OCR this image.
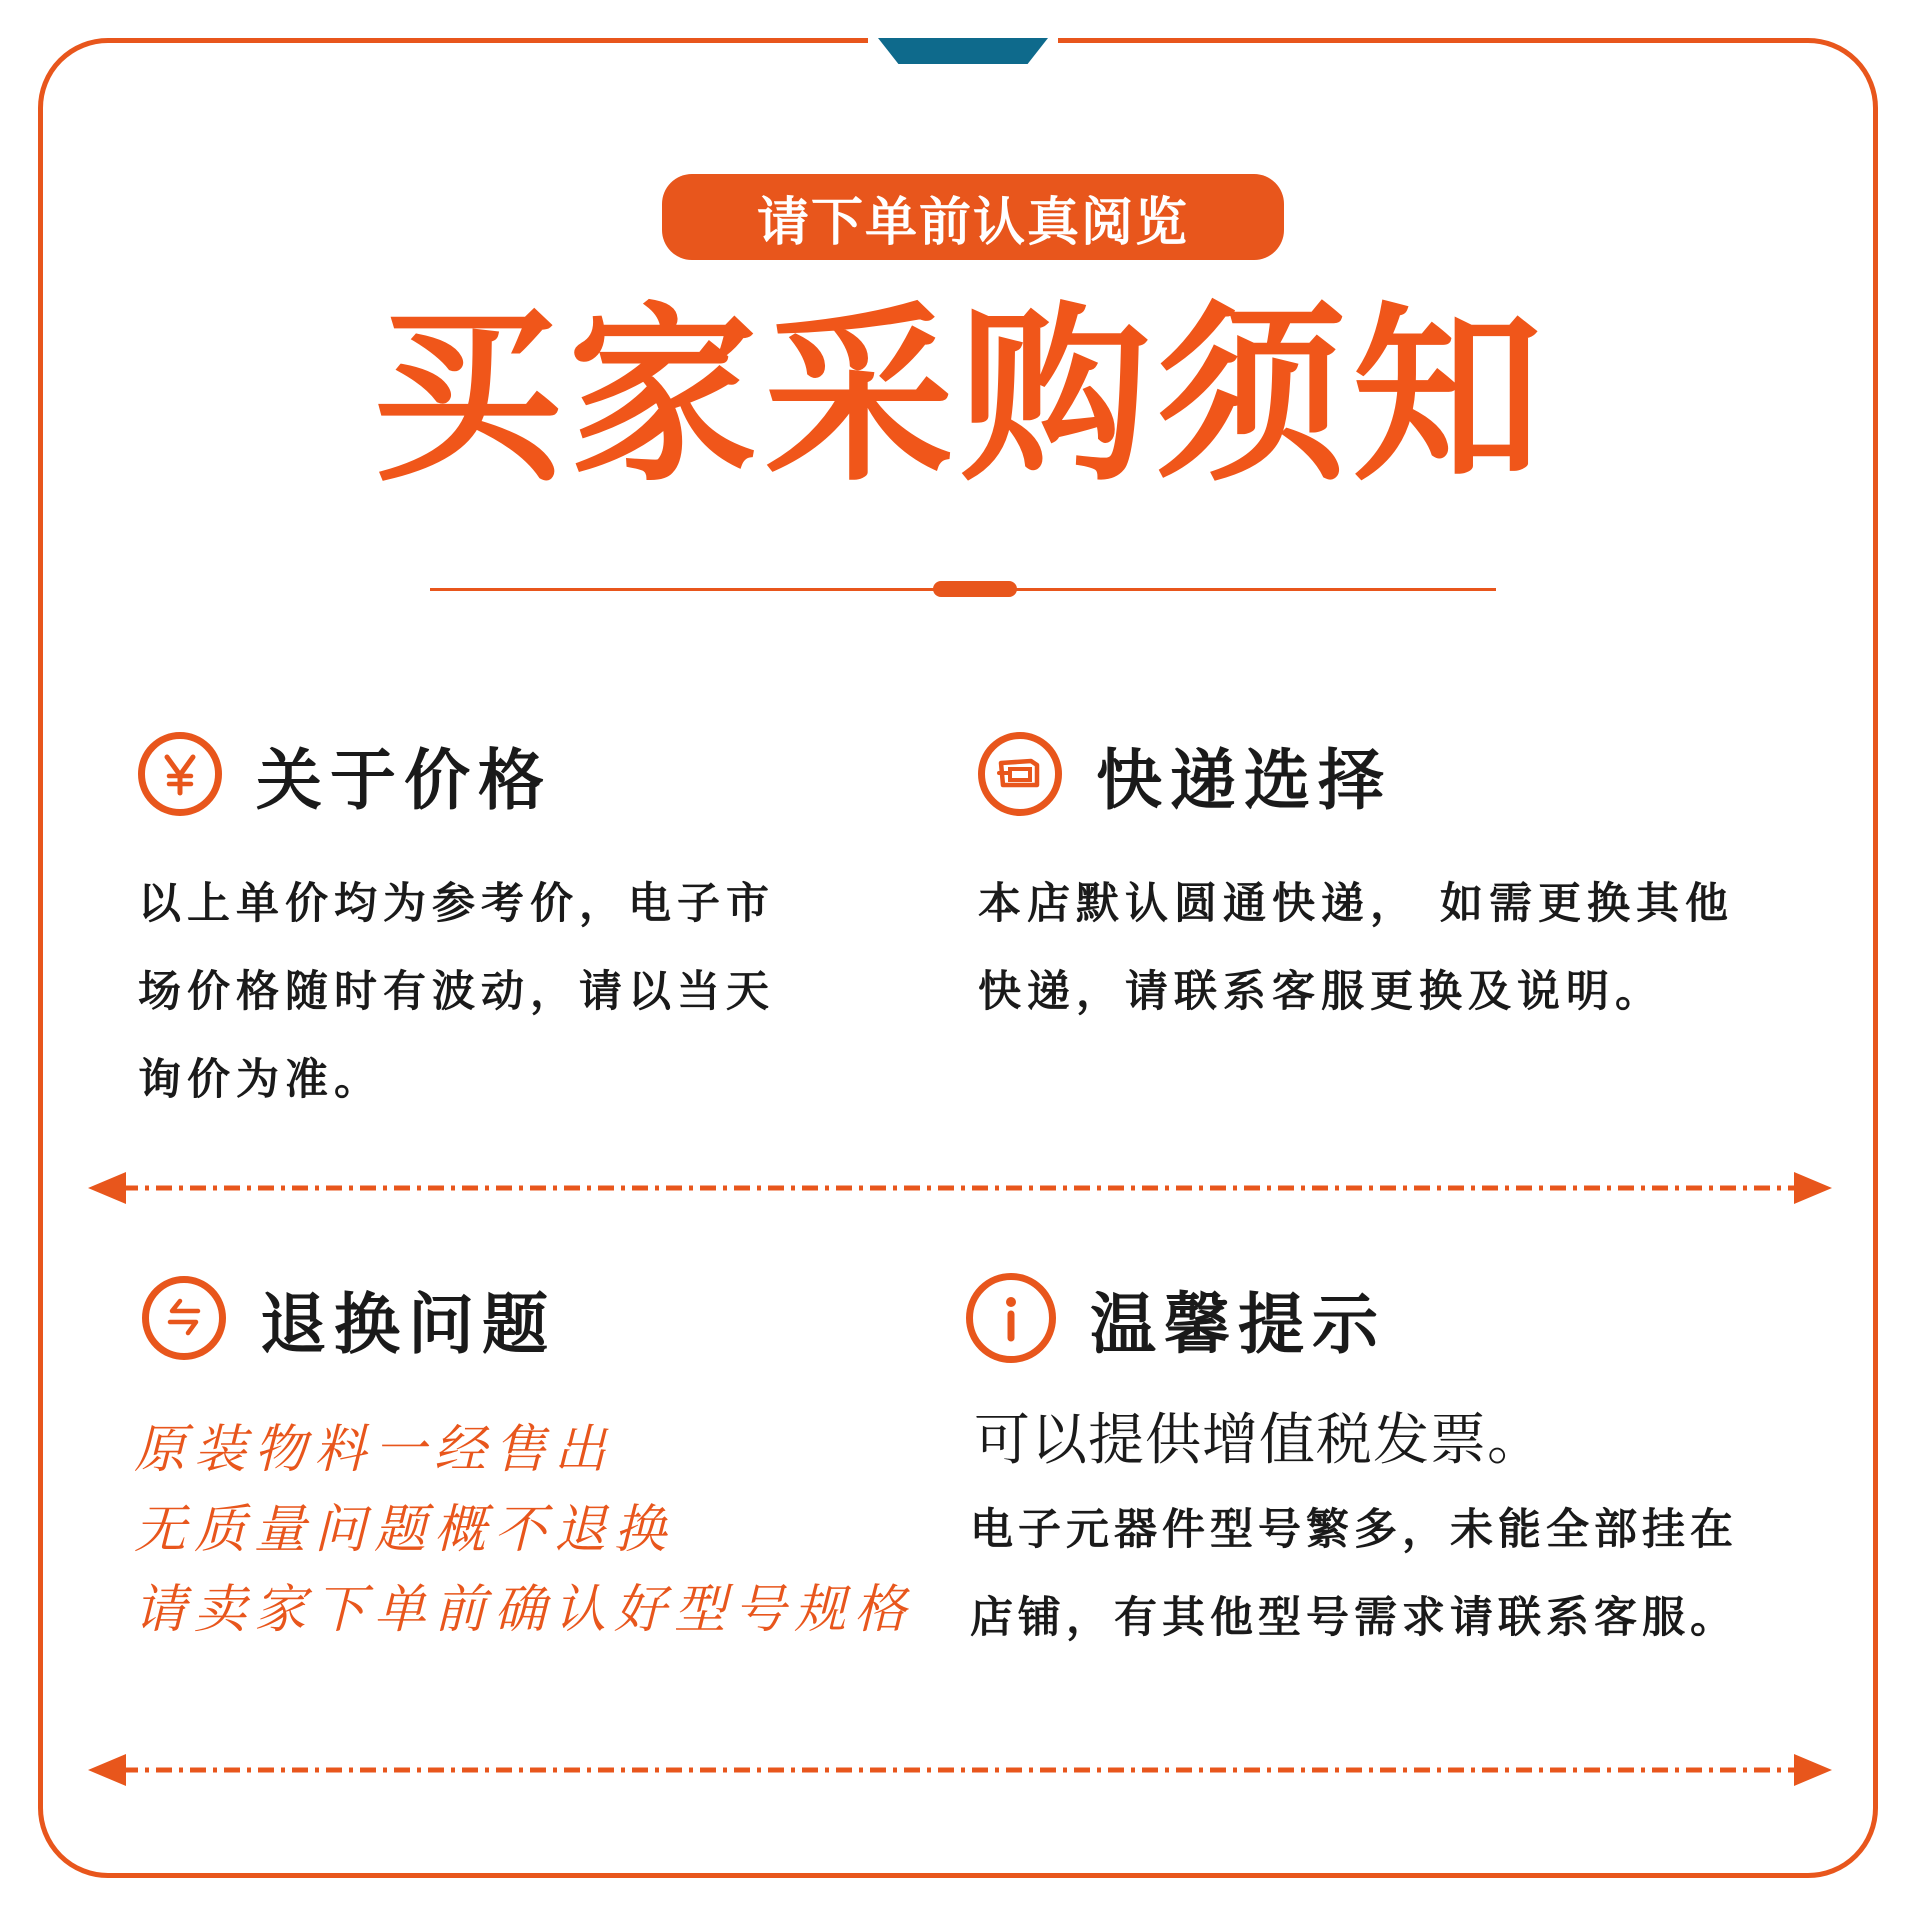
请下单前认真阅览
买家采购须知
关于价格
以上单价均为参考价，电子市
场价格随时有波动，请以当天
询价为准。
快递选择
本店默认圆通快递， 如需更换其他
快递，请联系客服更换及说明。
退换问题
原装物料一经售出
无质量问题概不退换
请卖家下单前确认好型号规格
温馨提示
可以提供增值税发票。
电子元器件型号繁多，未能全部挂在
店铺，有其他型号需求请联系客服。
